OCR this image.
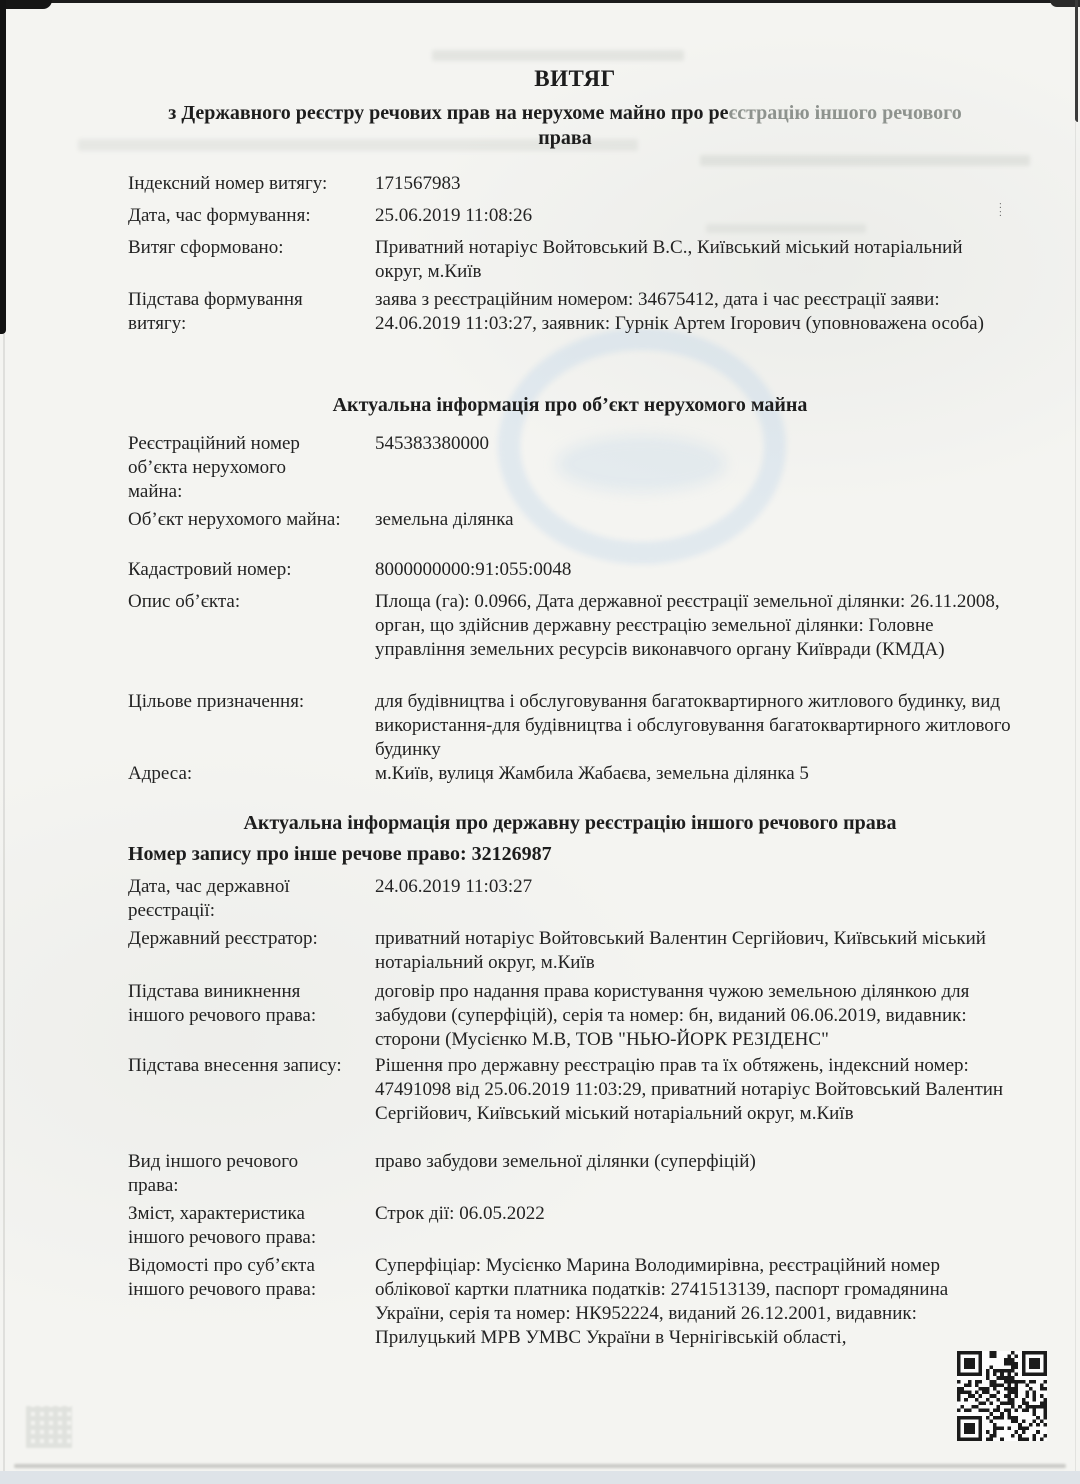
: :
ВИТЯГ
з Державного реєстру речових прав на нерухоме майно про реєстрацію іншого речового
права
Індексний номер витягу:	171567983
Дата, час формування:	25.06.2019 11:08:26
Витяг сформовано:	Приватний нотаріус Войтовський В.С., Київський міський нотаріальний округ, м.Київ
Підстава формування витягу:
заява з реєстраційним номером: 34675412, дата і час реєстрації заяви: 24.06.2019 11:03:27, заявник: Гурнік Артем Ігорович (уповноважена особа)
Актуальна інформація про об’єкт нерухомого майна
Реєстраційний номер об’єкта нерухомого майна:
545383380000
Об’єкт нерухомого майна:	земельна ділянка
Кадастровий номер:	8000000000:91:055:0048
Опис об’єкта:	Площа (га): 0.0966, Дата державної реєстрації земельної ділянки: 26.11.2008, орган, що здійснив державну реєстрацію земельної ділянки: Головне управління земельних ресурсів виконавчого органу Київради (КМДА)
Цільове призначення:	для будівництва і обслуговування багатоквартирного житлового будинку, вид використання-для будівництва і обслуговування багатоквартирного житлового будинку
Адреса:	м.Київ, вулиця Жамбила Жабаєва, земельна ділянка 5
Актуальна інформація про державну реєстрацію іншого речового права
Номер запису про інше речове право: 32126987
Дата, час державної реєстрації:
24.06.2019 11:03:27
Державний реєстратор:	приватний нотаріус Войтовський Валентин Сергійович, Київський міський нотаріальний округ, м.Київ
Підстава виникнення іншого речового права:
договір про надання права користування чужою земельною ділянкою для забудови (суперфіцій), серія та номер: бн, виданий 06.06.2019, видавник: сторони (Мусієнко М.В, ТОВ "НЬЮ-ЙОРК РЕЗІДЕНС"
Підстава внесення запису:	Рішення про державну реєстрацію прав та їх обтяжень, індексний номер: 47491098 від 25.06.2019 11:03:29, приватний нотаріус Войтовський Валентин Сергійович, Київський міський нотаріальний округ, м.Київ
Вид іншого речового права:
право забудови земельної ділянки (суперфіцій)
Зміст, характеристика іншого речового права:
Строк дії: 06.05.2022
Відомості про суб’єкта іншого речового права:
Суперфіціар: Мусієнко Марина Володимирівна, реєстраційний номер облікової картки платника податків: 2741513139, паспорт громадянина України, серія та номер: НК952224, виданий 26.12.2001, видавник: Прилуцький МРВ УМВС України в Чернігівській області,
